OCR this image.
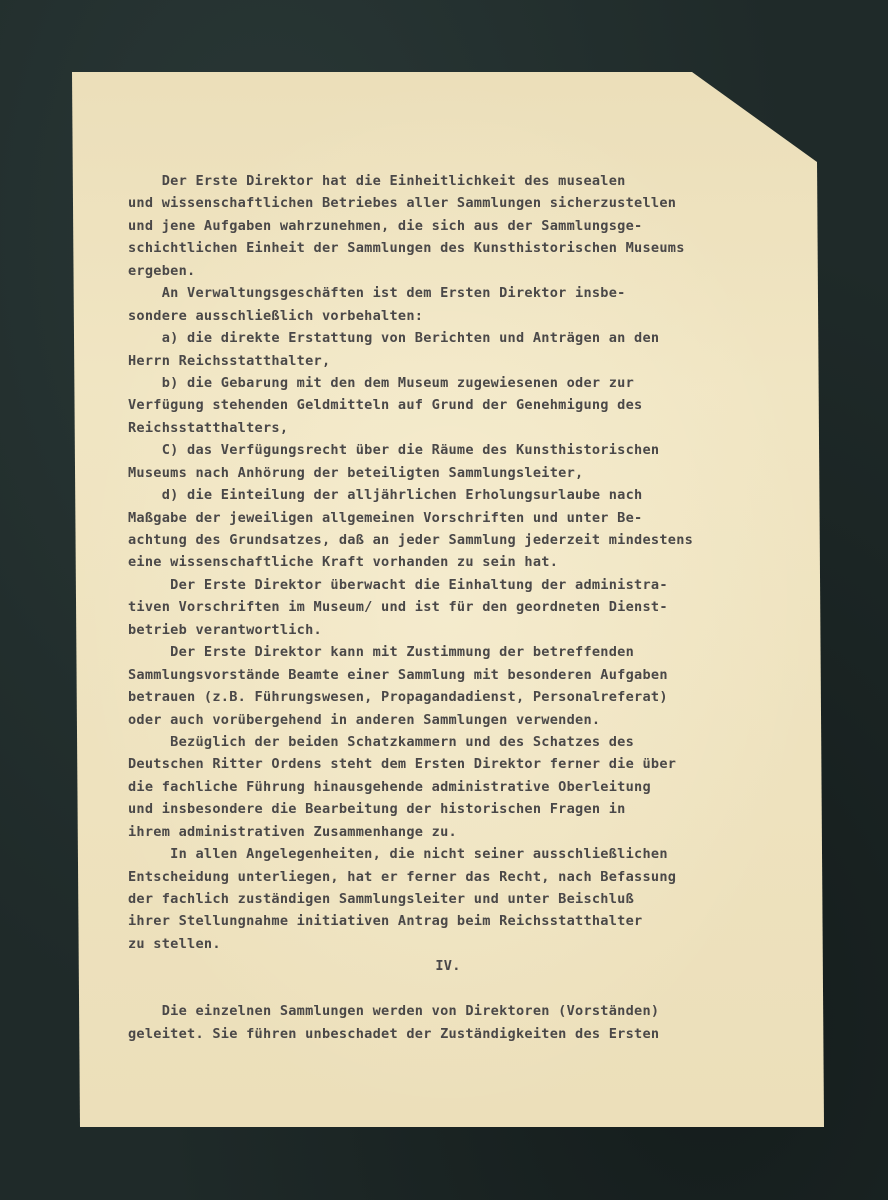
Der Erste Direktor hat die Einheitlichkeit des musealen
und wissenschaftlichen Betriebes aller Sammlungen sicherzustellen
und jene Aufgaben wahrzunehmen, die sich aus der Sammlungsge-
schichtlichen Einheit der Sammlungen des Kunsthistorischen Museums
ergeben.
An Verwaltungsgeschäften ist dem Ersten Direktor insbe-
sondere ausschließlich vorbehalten:
a) die direkte Erstattung von Berichten und Anträgen an den
Herrn Reichsstatthalter,
b) die Gebarung mit den dem Museum zugewiesenen oder zur
Verfügung stehenden Geldmitteln auf Grund der Genehmigung des
Reichsstatthalters,
C) das Verfügungsrecht über die Räume des Kunsthistorischen
Museums nach Anhörung der beteiligten Sammlungsleiter,
d) die Einteilung der alljährlichen Erholungsurlaube nach
Maßgabe der jeweiligen allgemeinen Vorschriften und unter Be-
achtung des Grundsatzes, daß an jeder Sammlung jederzeit mindestens
eine wissenschaftliche Kraft vorhanden zu sein hat.
Der Erste Direktor überwacht die Einhaltung der administra-
tiven Vorschriften im Museum/ und ist für den geordneten Dienst-
betrieb verantwortlich.
Der Erste Direktor kann mit Zustimmung der betreffenden
Sammlungsvorstände Beamte einer Sammlung mit besonderen Aufgaben
betrauen (z.B. Führungswesen, Propagandadienst, Personalreferat)
oder auch vorübergehend in anderen Sammlungen verwenden.
Bezüglich der beiden Schatzkammern und des Schatzes des
Deutschen Ritter Ordens steht dem Ersten Direktor ferner die über
die fachliche Führung hinausgehende administrative Oberleitung
und insbesondere die Bearbeitung der historischen Fragen in
ihrem administrativen Zusammenhange zu.
In allen Angelegenheiten, die nicht seiner ausschließlichen
Entscheidung unterliegen, hat er ferner das Recht, nach Befassung
der fachlich zuständigen Sammlungsleiter und unter Beischluß
ihrer Stellungnahme initiativen Antrag beim Reichsstatthalter
zu stellen.
IV.
Die einzelnen Sammlungen werden von Direktoren (Vorständen)
geleitet. Sie führen unbeschadet der Zuständigkeiten des Ersten
